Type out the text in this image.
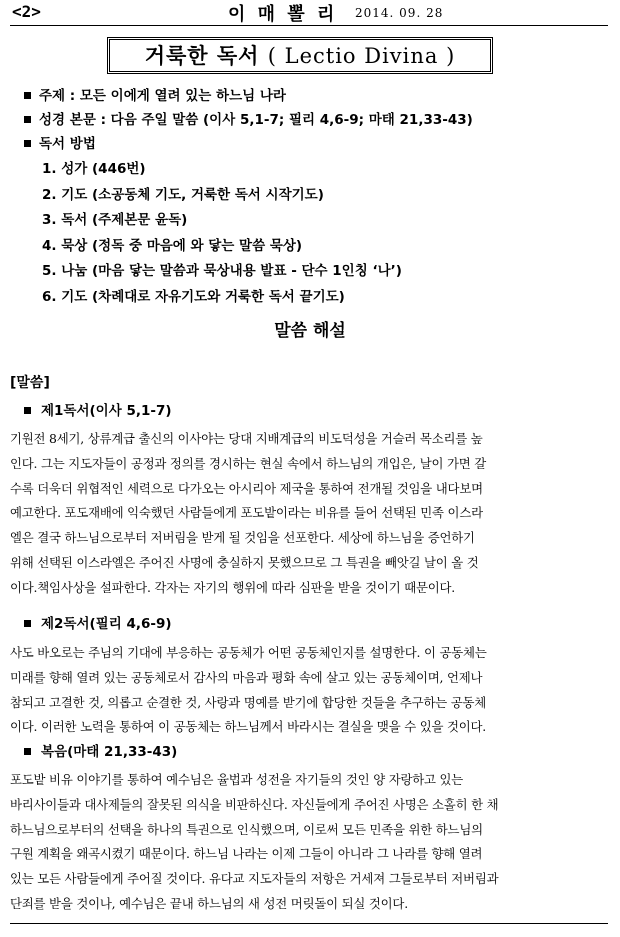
<2>	이 매 뽈 리 2014. 09. 28
거룩한 독서 ( Lectio Divina )
주제 : 모든 이에게 열려 있는 하느님 나라
성경 본문 : 다음 주일 말씀 (이사 5,1-7; 필리 4,6-9; 마태 21,33-43)
독서 방법
1. 성가 (446번)
2. 기도 (소공동체 기도, 거룩한 독서 시작기도)
3. 독서 (주제본문 윤독)
4. 묵상 (정독 중 마음에 와 닿는 말씀 묵상)
5. 나눔 (마음 닿는 말씀과 묵상내용 발표 - 단수 1인칭 ‘나’)
6. 기도 (차례대로 자유기도와 거룩한 독서 끝기도)
말씀 해설
[말씀]
제1독서(이사 5,1-7)
기원전 8세기, 상류계급 출신의 이사야는 당대 지배계급의 비도덕성을 거슬러 목소리를 높
인다. 그는 지도자들이 공정과 정의를 경시하는 현실 속에서 하느님의 개입은, 날이 가면 갈
수록 더욱더 위협적인 세력으로 다가오는 아시리아 제국을 통하여 전개될 것임을 내다보며
예고한다. 포도재배에 익숙했던 사람들에게 포도밭이라는 비유를 들어 선택된 민족 이스라
엘은 결국 하느님으로부터 저버림을 받게 될 것임을 선포한다. 세상에 하느님을 증언하기
위해 선택된 이스라엘은 주어진 사명에 충실하지 못했으므로 그 특권을 빼앗길 날이 올 것
이다.책임사상을 설파한다. 각자는 자기의 행위에 따라 심판을 받을 것이기 때문이다.
제2독서(필리 4,6-9)
사도 바오로는 주님의 기대에 부응하는 공동체가 어떤 공동체인지를 설명한다. 이 공동체는
미래를 향해 열려 있는 공동체로서 감사의 마음과 평화 속에 살고 있는 공동체이며, 언제나
참되고 고결한 것, 의롭고 순결한 것, 사랑과 명예를 받기에 합당한 것들을 추구하는 공동체
이다. 이러한 노력을 통하여 이 공동체는 하느님께서 바라시는 결실을 맺을 수 있을 것이다.
복음(마태 21,33-43)
포도밭 비유 이야기를 통하여 예수님은 율법과 성전을 자기들의 것인 양 자랑하고 있는
바리사이들과 대사제들의 잘못된 의식을 비판하신다. 자신들에게 주어진 사명은 소홀히 한 채
하느님으로부터의 선택을 하나의 특권으로 인식했으며, 이로써 모든 민족을 위한 하느님의
구원 계획을 왜곡시켰기 때문이다. 하느님 나라는 이제 그들이 아니라 그 나라를 향해 열려
있는 모든 사람들에게 주어질 것이다. 유다교 지도자들의 저항은 거세져 그들로부터 저버림과
단죄를 받을 것이나, 예수님은 끝내 하느님의 새 성전 머릿돌이 되실 것이다.
